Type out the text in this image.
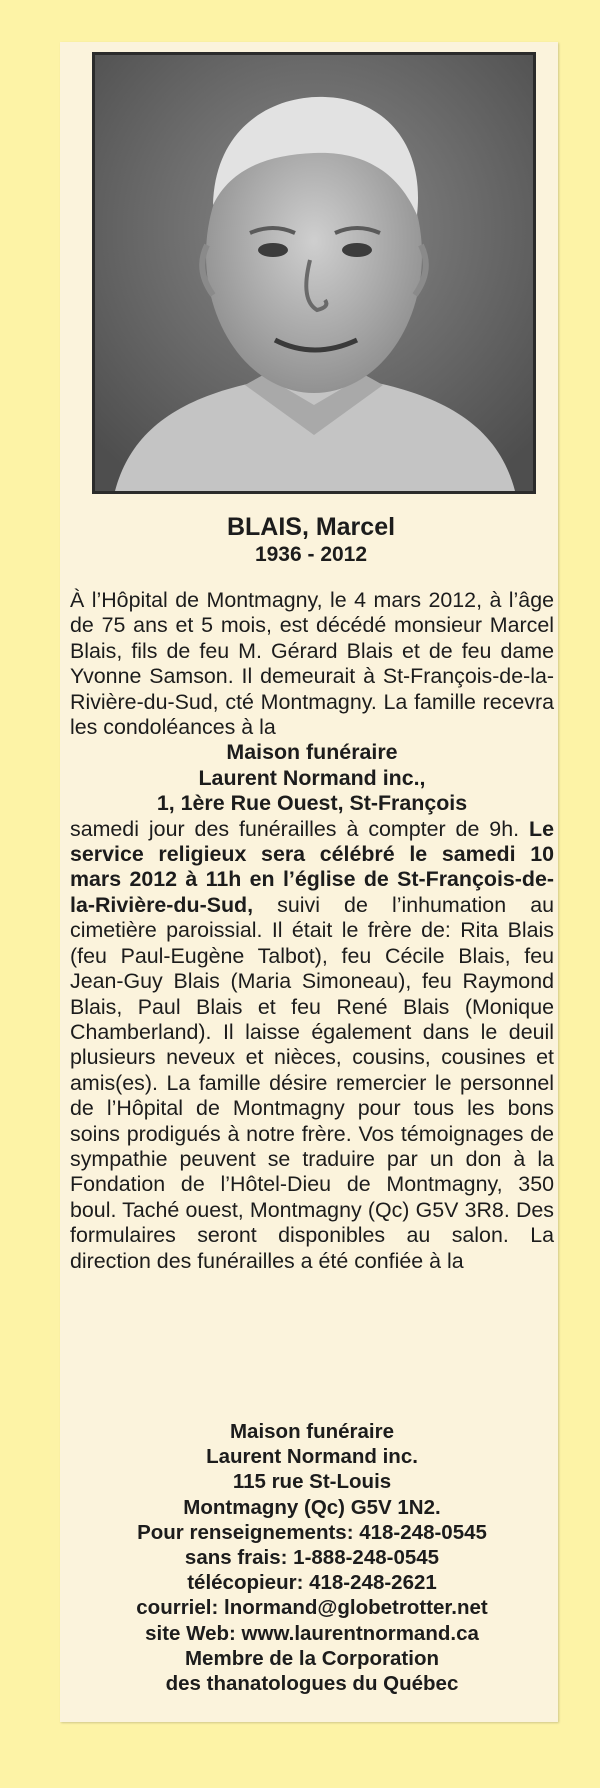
BLAIS, Marcel
1936 - 2012

À l’Hôpital de Montmagny, le 4 mars 2012, à l’âge de 75 ans et 5 mois, est décédé monsieur Marcel Blais, fils de feu M. Gérard Blais et de feu dame Yvonne Samson. Il demeurait à St-François-de-la-Rivière-du-Sud, cté Montmagny. La famille recevra les condoléances à la

Maison funéraire
Laurent Normand inc.,
1, 1ère Rue Ouest, St-François

samedi jour des funérailles à compter de 9h. Le service religieux sera célébré le samedi 10 mars 2012 à 11h en l’église de St-François-de-la-Rivière-du-Sud, suivi de l’inhumation au cimetière paroissial. Il était le frère de: Rita Blais (feu Paul-Eugène Talbot), feu Cécile Blais, feu Jean-Guy Blais (Maria Simoneau), feu Raymond Blais, Paul Blais et feu René Blais (Monique Chamberland). Il laisse également dans le deuil plusieurs neveux et nièces, cousins, cousines et amis(es). La famille désire remercier le personnel de l’Hôpital de Montmagny pour tous les bons soins prodigués à notre frère. Vos témoignages de sympathie peuvent se traduire par un don à la Fondation de l’Hôtel-Dieu de Montmagny, 350 boul. Taché ouest, Montmagny (Qc) G5V 3R8. Des formulaires seront disponibles au salon. La direction des funérailles a été confiée à la

Maison funéraire
Laurent Normand inc.
115 rue St-Louis
Montmagny (Qc) G5V 1N2.
Pour renseignements: 418-248-0545
sans frais: 1-888-248-0545
télécopieur: 418-248-2621
courriel: lnormand@globetrotter.net
site Web: www.laurentnormand.ca
Membre de la Corporation
des thanatologues du Québec
